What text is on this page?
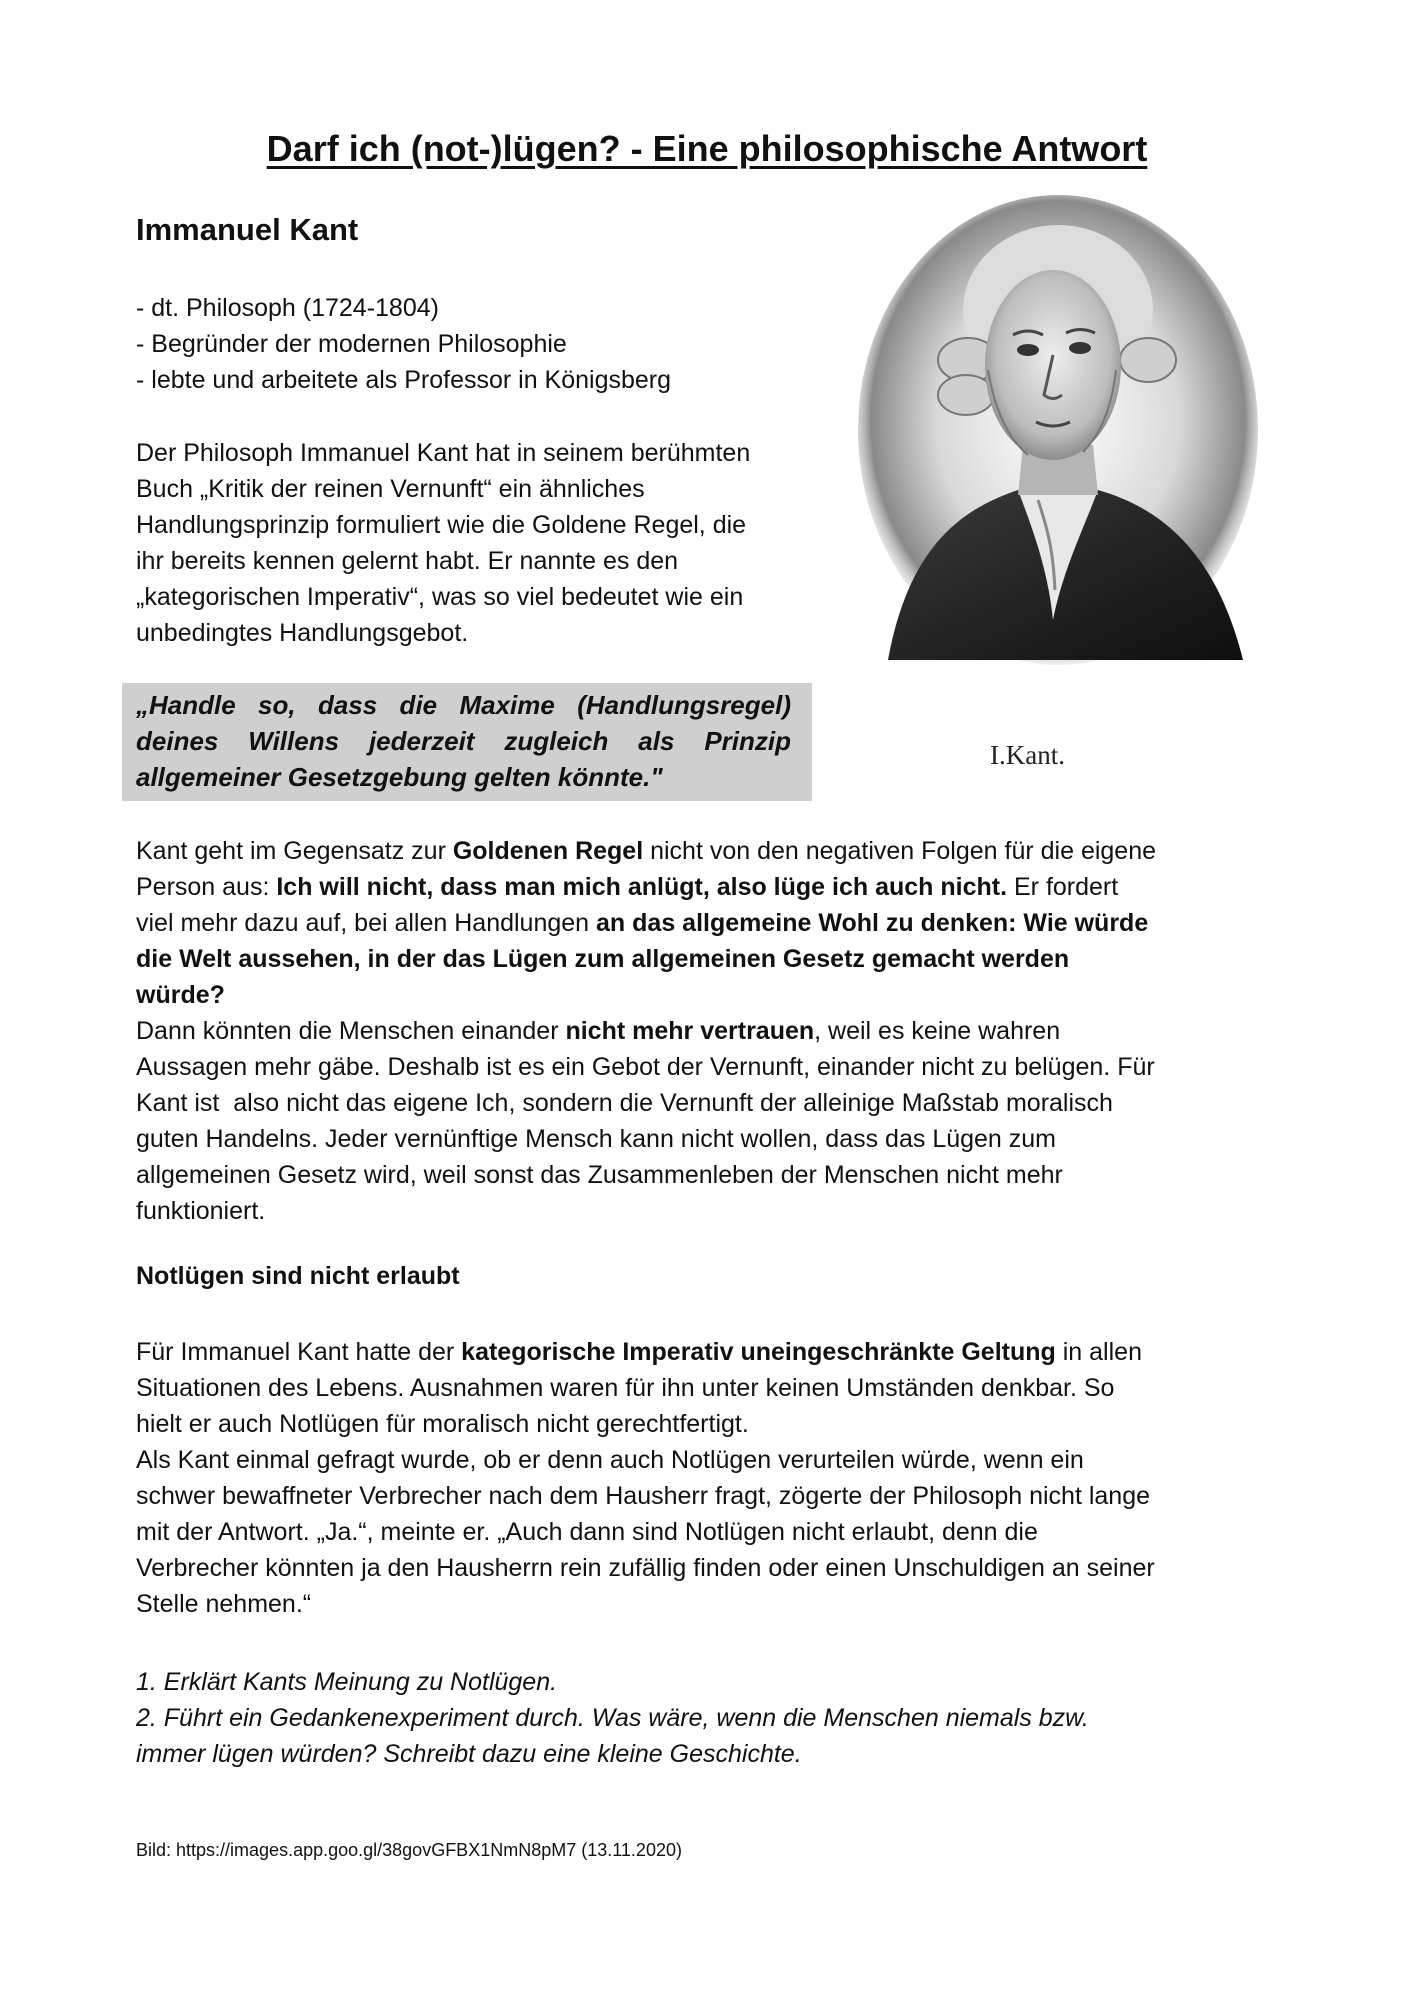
Darf ich (not-)lügen? - Eine philosophische Antwort
Immanuel Kant
- dt. Philosoph (1724-1804)
- Begründer der modernen Philosophie
- lebte und arbeitete als Professor in Königsberg
Der Philosoph Immanuel Kant hat in seinem berühmten
Buch „Kritik der reinen Vernunft“ ein ähnliches
Handlungsprinzip formuliert wie die Goldene Regel, die
ihr bereits kennen gelernt habt. Er nannte es den
„kategorischen Imperativ“, was so viel bedeutet wie ein
unbedingtes Handlungsgebot.
„Handle so, dass die Maxime (Handlungsregel)
deines Willens jederzeit zugleich als Prinzip
allgemeiner Gesetzgebung gelten könnte."
I.Kant.
Kant geht im Gegensatz zur Goldenen Regel nicht von den negativen Folgen für die eigene
Person aus: Ich will nicht, dass man mich anlügt, also lüge ich auch nicht. Er fordert
viel mehr dazu auf, bei allen Handlungen an das allgemeine Wohl zu denken: Wie würde
die Welt aussehen, in der das Lügen zum allgemeinen Gesetz gemacht werden
würde?
Dann könnten die Menschen einander nicht mehr vertrauen, weil es keine wahren
Aussagen mehr gäbe. Deshalb ist es ein Gebot der Vernunft, einander nicht zu belügen. Für
Kant ist  also nicht das eigene Ich, sondern die Vernunft der alleinige Maßstab moralisch
guten Handelns. Jeder vernünftige Mensch kann nicht wollen, dass das Lügen zum
allgemeinen Gesetz wird, weil sonst das Zusammenleben der Menschen nicht mehr
funktioniert.
Notlügen sind nicht erlaubt
Für Immanuel Kant hatte der kategorische Imperativ uneingeschränkte Geltung in allen
Situationen des Lebens. Ausnahmen waren für ihn unter keinen Umständen denkbar. So
hielt er auch Notlügen für moralisch nicht gerechtfertigt.
Als Kant einmal gefragt wurde, ob er denn auch Notlügen verurteilen würde, wenn ein
schwer bewaffneter Verbrecher nach dem Hausherr fragt, zögerte der Philosoph nicht lange
mit der Antwort. „Ja.“, meinte er. „Auch dann sind Notlügen nicht erlaubt, denn die
Verbrecher könnten ja den Hausherrn rein zufällig finden oder einen Unschuldigen an seiner
Stelle nehmen.“
1. Erklärt Kants Meinung zu Notlügen.
2. Führt ein Gedankenexperiment durch. Was wäre, wenn die Menschen niemals bzw.
immer lügen würden? Schreibt dazu eine kleine Geschichte.
Bild: https://images.app.goo.gl/38govGFBX1NmN8pM7 (13.11.2020)
